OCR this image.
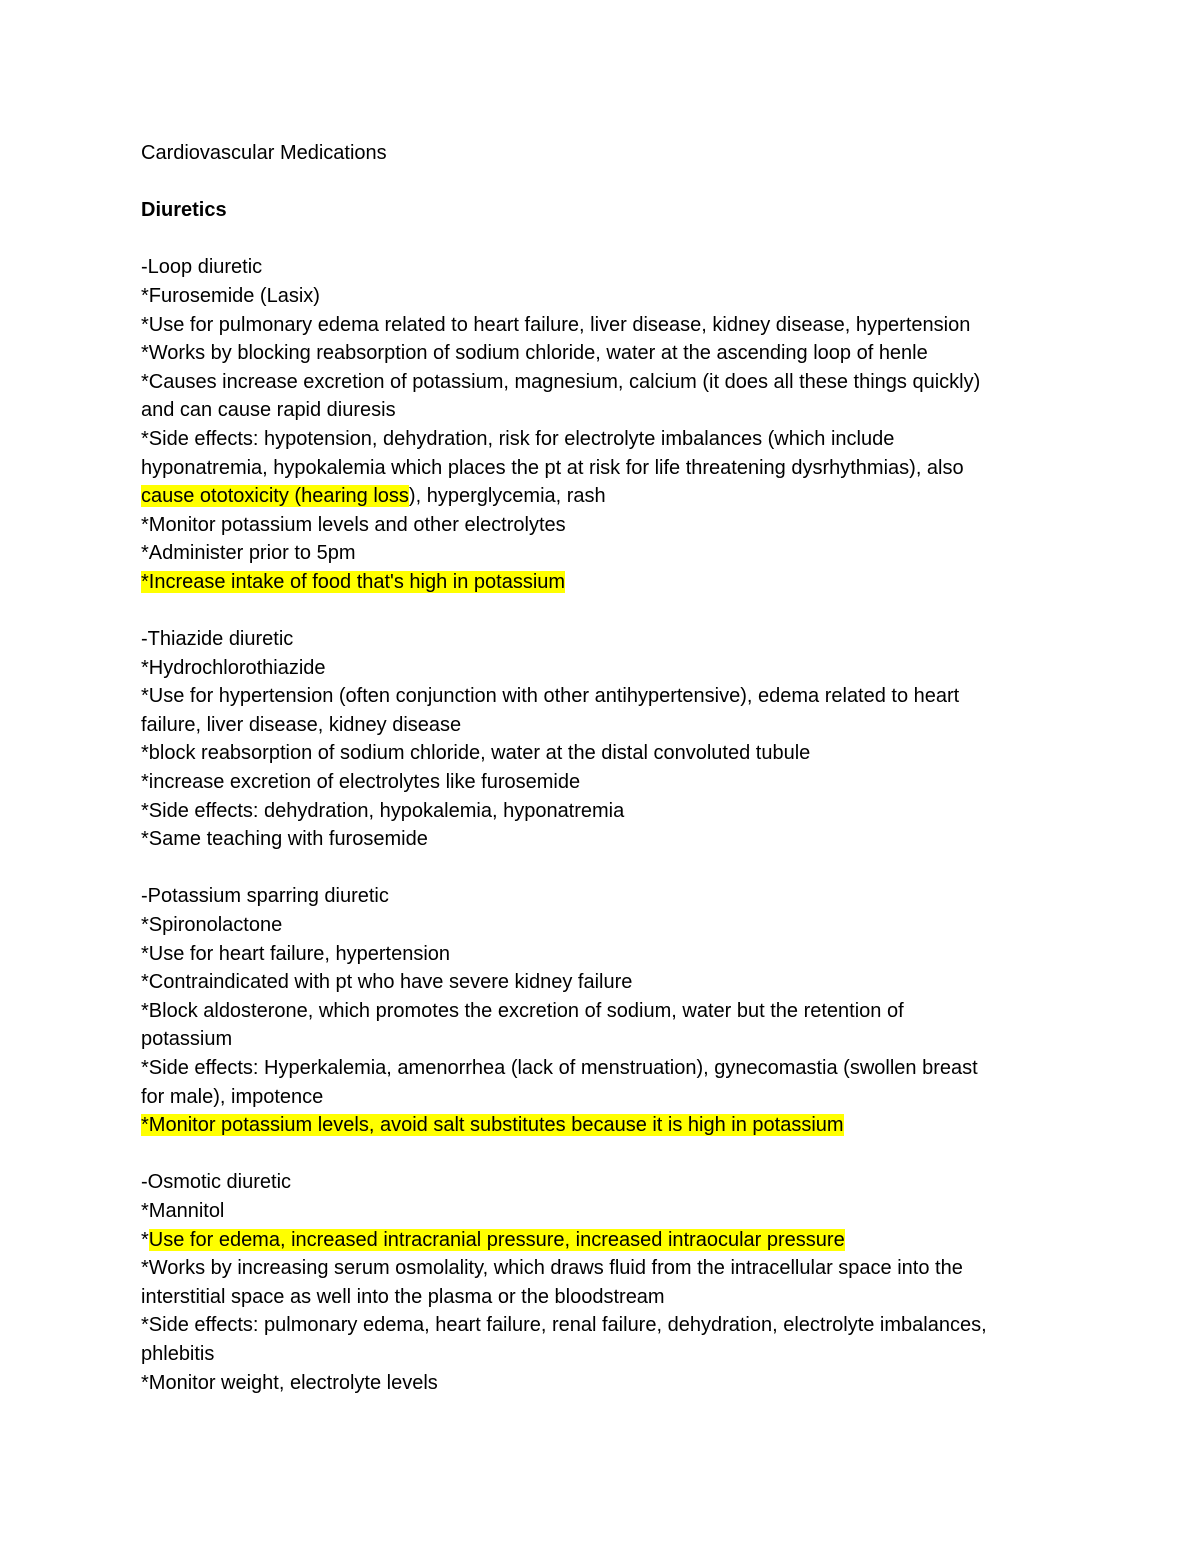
Cardiovascular Medications
Diuretics
-Loop diuretic
*Furosemide (Lasix)
*Use for pulmonary edema related to heart failure, liver disease, kidney disease, hypertension
*Works by blocking reabsorption of sodium chloride, water at the ascending loop of henle
*Causes increase excretion of potassium, magnesium, calcium (it does all these things quickly)
and can cause rapid diuresis
*Side effects: hypotension, dehydration, risk for electrolyte imbalances (which include
hyponatremia, hypokalemia which places the pt at risk for life threatening dysrhythmias), also
cause ototoxicity (hearing loss), hyperglycemia, rash
*Monitor potassium levels and other electrolytes
*Administer prior to 5pm
*Increase intake of food that's high in potassium
-Thiazide diuretic
*Hydrochlorothiazide
*Use for hypertension (often conjunction with other antihypertensive), edema related to heart
failure, liver disease, kidney disease
*block reabsorption of sodium chloride, water at the distal convoluted tubule
*increase excretion of electrolytes like furosemide
*Side effects: dehydration, hypokalemia, hyponatremia
*Same teaching with furosemide
-Potassium sparring diuretic
*Spironolactone
*Use for heart failure, hypertension
*Contraindicated with pt who have severe kidney failure
*Block aldosterone, which promotes the excretion of sodium, water but the retention of
potassium
*Side effects: Hyperkalemia, amenorrhea (lack of menstruation), gynecomastia (swollen breast
for male), impotence
*Monitor potassium levels, avoid salt substitutes because it is high in potassium
-Osmotic diuretic
*Mannitol
*Use for edema, increased intracranial pressure, increased intraocular pressure
*Works by increasing serum osmolality, which draws fluid from the intracellular space into the
interstitial space as well into the plasma or the bloodstream
*Side effects: pulmonary edema, heart failure, renal failure, dehydration, electrolyte imbalances,
phlebitis
*Monitor weight, electrolyte levels
